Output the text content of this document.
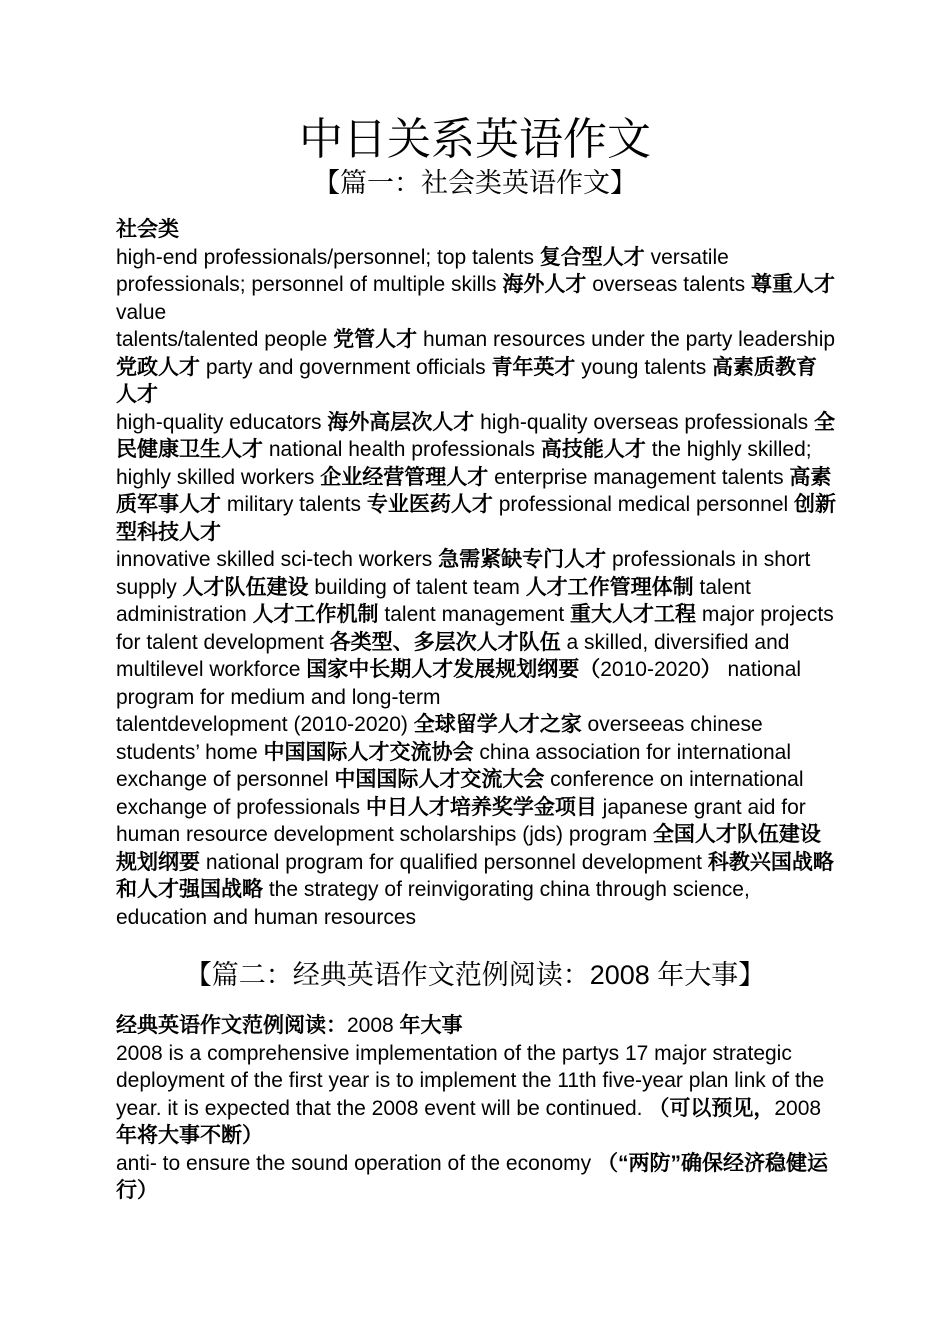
中日关系英语作文
【篇一：社会类英语作文】

社会类

high-end professionals/personnel; top talents 复合型人才 versatile professionals; personnel of multiple skills 海外人才 overseas talents 尊重人才 value

talents/talented people 党管人才 human resources under the party leadership 党政人才 party and government officials 青年英才 young talents 高素质教育人才

high-quality educators 海外高层次人才 high-quality overseas professionals 全民健康卫生人才 national health professionals 高技能人才 the highly skilled; highly skilled workers 企业经营管理人才 enterprise management talents 高素质军事人才 military talents 专业医药人才 professional medical personnel 创新型科技人才

innovative skilled sci-tech workers 急需紧缺专门人才 professionals in short supply 人才队伍建设 building of talent team 人才工作管理体制 talent administration 人才工作机制 talent management 重大人才工程 major projects for talent development 各类型、多层次人才队伍 a skilled, diversified and multilevel workforce 国家中长期人才发展规划纲要（2010-2020） national program for medium and long-term

talentdevelopment (2010-2020) 全球留学人才之家 overseeas chinese students’ home 中国国际人才交流协会 china association for international exchange of personnel 中国国际人才交流大会 conference on international exchange of professionals 中日人才培养奖学金项目 japanese grant aid for human resource development scholarships (jds) program 全国人才队伍建设规划纲要 national program for qualified personnel development 科教兴国战略和人才强国战略 the strategy of reinvigorating china through science, education and human resources

【篇二：经典英语作文范例阅读：2008 年大事】

经典英语作文范例阅读：2008 年大事

2008 is a comprehensive implementation of the partys 17 major strategic deployment of the first year is to implement the 11th five-year plan link of the year. it is expected that the 2008 event will be continued. （可以预见，2008 年将大事不断）

anti- to ensure the sound operation of the economy （“两防”确保经济稳健运行）
